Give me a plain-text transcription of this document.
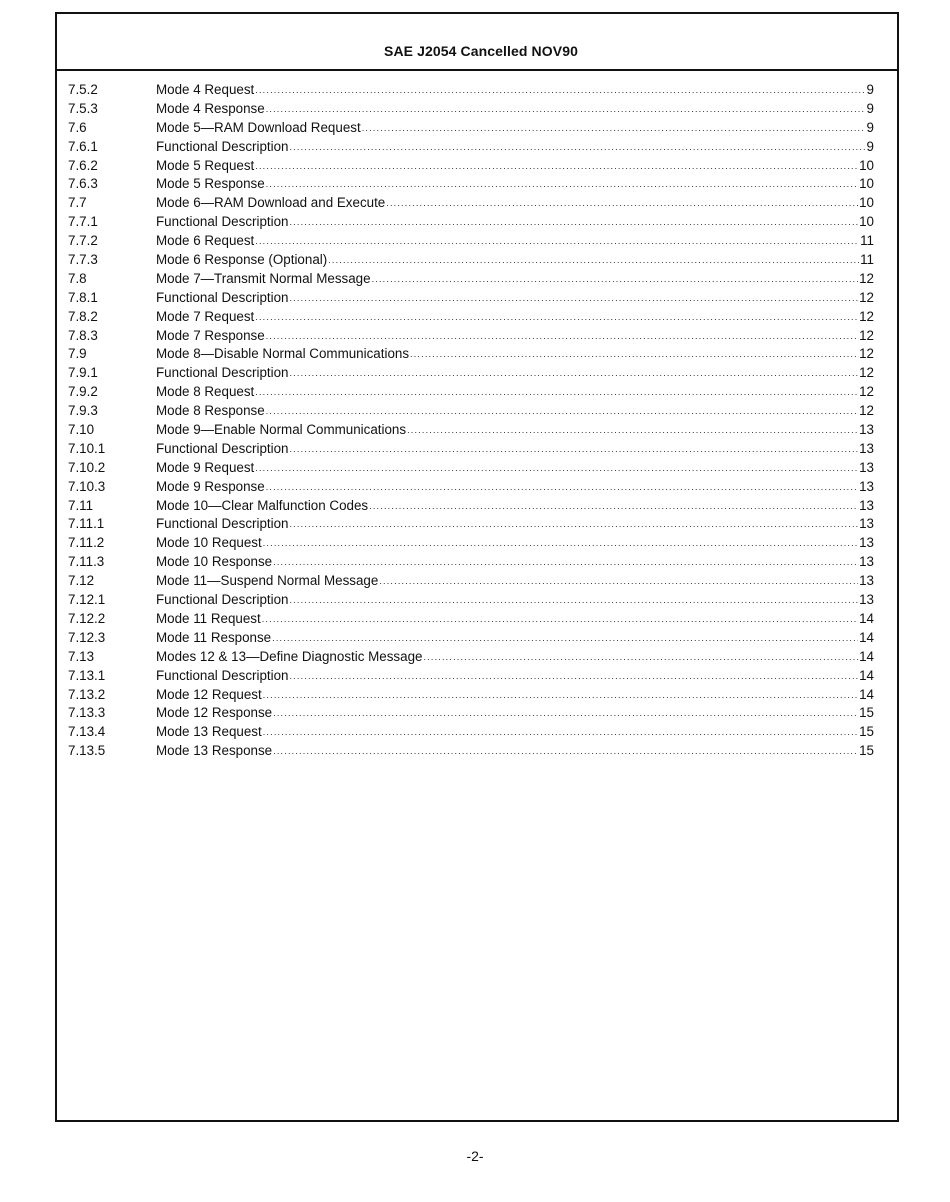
SAE J2054 Cancelled NOV90
7.5.2	Mode 4 Request .....	9
7.5.3	Mode 4 Response .....	9
7.6	Mode 5—RAM Download Request .....	9
7.6.1	Functional Description .....	9
7.6.2	Mode 5 Request .....	10
7.6.3	Mode 5 Response .....	10
7.7	Mode 6—RAM Download and Execute .....	10
7.7.1	Functional Description .....	10
7.7.2	Mode 6 Request .....	11
7.7.3	Mode 6 Response (Optional) .....	11
7.8	Mode 7—Transmit Normal Message .....	12
7.8.1	Functional Description .....	12
7.8.2	Mode 7 Request .....	12
7.8.3	Mode 7 Response .....	12
7.9	Mode 8—Disable Normal Communications .....	12
7.9.1	Functional Description .....	12
7.9.2	Mode 8 Request .....	12
7.9.3	Mode 8 Response .....	12
7.10	Mode 9—Enable Normal Communications .....	13
7.10.1	Functional Description .....	13
7.10.2	Mode 9 Request .....	13
7.10.3	Mode 9 Response .....	13
7.11	Mode 10—Clear Malfunction Codes .....	13
7.11.1	Functional Description .....	13
7.11.2	Mode 10 Request .....	13
7.11.3	Mode 10 Response .....	13
7.12	Mode 11—Suspend Normal Message .....	13
7.12.1	Functional Description .....	13
7.12.2	Mode 11 Request .....	14
7.12.3	Mode 11 Response .....	14
7.13	Modes 12 & 13—Define Diagnostic Message .....	14
7.13.1	Functional Description .....	14
7.13.2	Mode 12 Request .....	14
7.13.3	Mode 12 Response .....	15
7.13.4	Mode 13 Request .....	15
7.13.5	Mode 13 Response .....	15
-2-
